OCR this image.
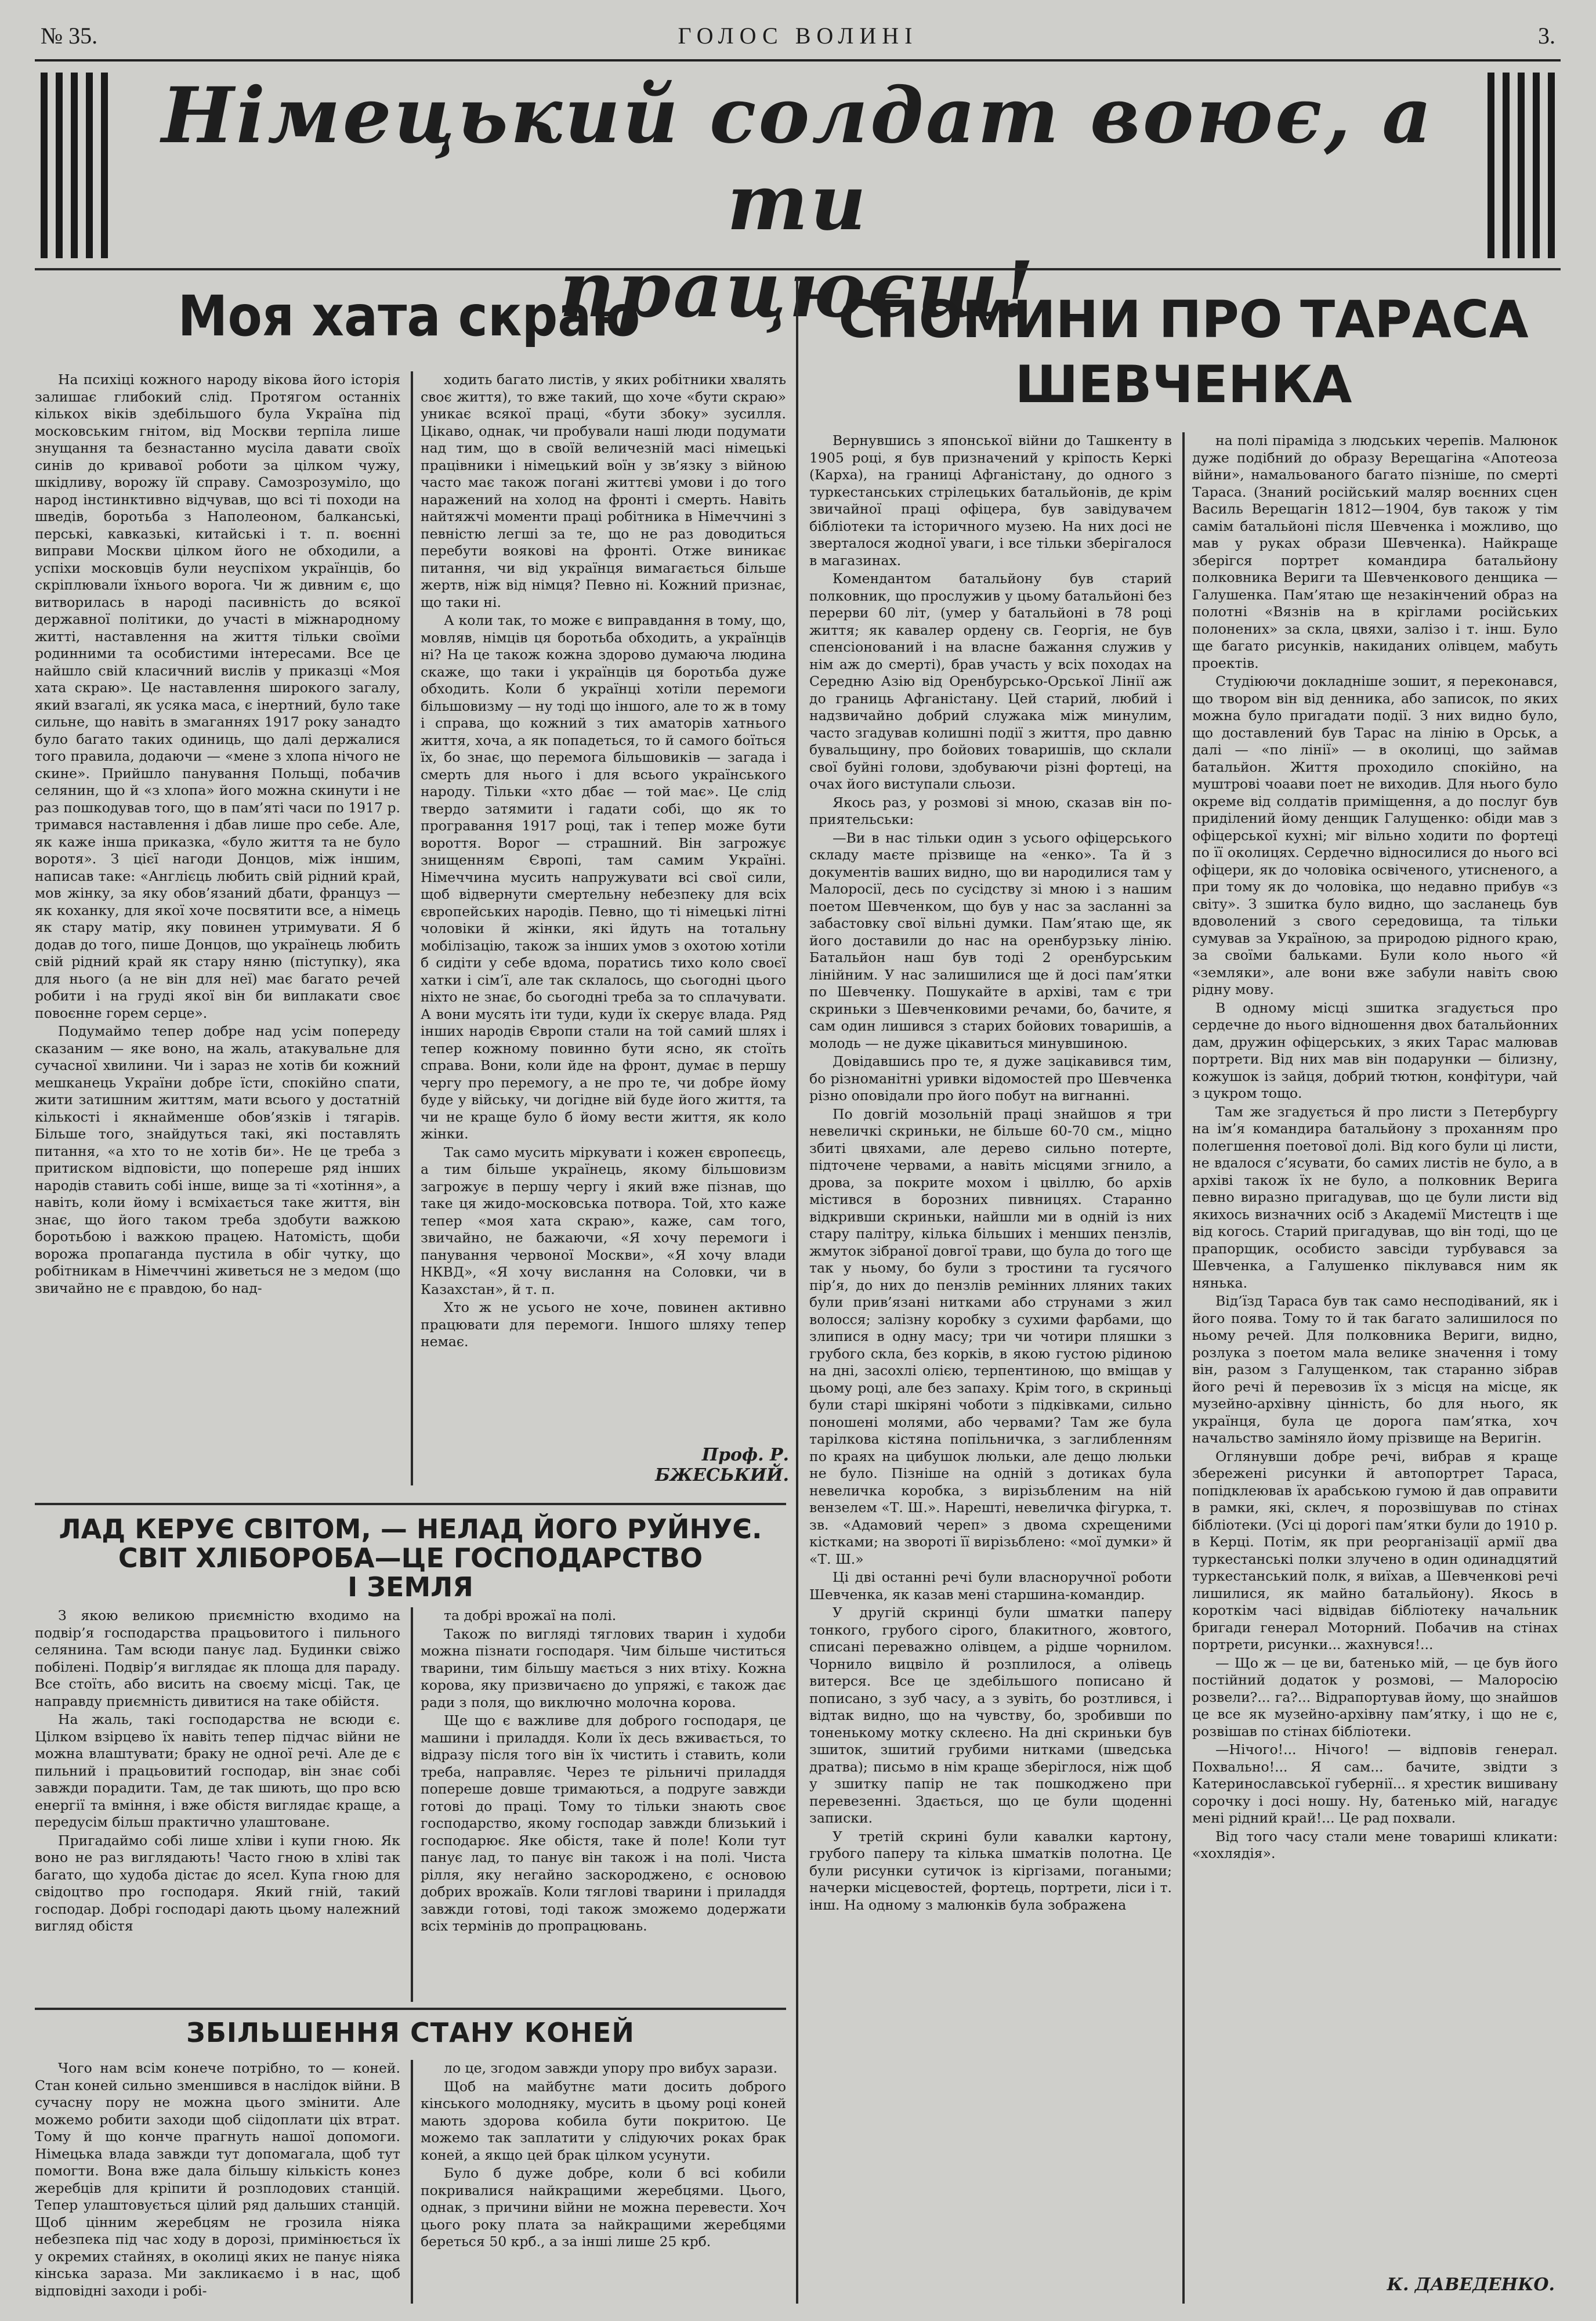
№ 35.	ГОЛОС ВОЛИНІ	3.
Німецький солдат воює, а ти
працюєш!
Моя хата скраю

На психіці кожного народу віковa його історія залишає глибокий слід. Протягом останніх кількох віків здебільшого була Україна під московським гнітом, від Москви терпіла лише знущання та безнастанно мусіла давати своїх синів до кривавої роботи за цілком чужу, шкідливу, ворожу їй справу. Самозрозуміло, що народ інстинктивно відчував, що всі ті походи на шведів, боротьба з Наполеоном, балканські, перські, кавказькі, китайські і т. п. воєнні виправи Москви цілком його не обходили, а успіхи московців були неуспіхом українців, бо скріплювали їхнього ворога. Чи ж дивним є, що витворилась в народі пасивність до всякої державної політики, до участі в міжнародному житті, наставлення на життя тільки своїми родинними та особистими інтересами. Все це найшло свій класичний вислів у приказці «Моя хата скраю». Це наставлення широкого загалу, який взагалі, як усяка маса, є інертний, було таке сильне, що навіть в змаганнях 1917 року занадто було багато таких одиниць, що далі держалися того правила, додаючи — «мене з хлопа нічого не скине». Прийшло панування Польщі, побачив селянин, що й «з хлопа» його можна скинути і не раз пошкодував того, що в пам’яті часи по 1917 р. тримався наставлення і дбав лише про себе. Але, як каже інша приказка, «було життя та не було воротя». З цієї нагоди Донцов, між іншим, написав таке: «Англієць любить свій рідний край, мов жінку, за яку обов’язаний дбати, француз — як коханку, для якої хоче посвятити все, а німець як стару матір, яку повинен утримувати. Я б додав до того, пише Донцов, що українець любить свій рідний край як стару няню (піступку), яка для нього (а не він для неї) має багато речей робити і на груді якої він би виплакати своє повоєнне горем серце».

Подумаймо тепер добре над усім попереду сказаним — яке воно, на жаль, атакувальне для сучасної хвилини. Чи і зараз не хотів би кожний мешканець України добре їсти, спокійно спати, жити затишним життям, мати всього у достатній кількості і якнайменше обов’язків і тягарів. Більше того, знайдуться такі, які поставлять питання, «а хто то не хотів би». Не це треба з притиском відповісти, що попереше ряд інших народів ставить собі інше, вище за ті «хотіння», а навіть, коли йому і всміхається таке життя, він знає, що його таком треба здобути важкою боротьбою і важкою працею. Натомість, щоби ворожа пропаганда пустила в обіг чутку, що робітникам в Німеччині живеться не з медом (що звичайно не є правдою, бо над-

ходить багато листів, у яких робітники хвалять своє життя), то вже такий, що хоче «бути скраю» уникає всякої праці, «бути збоку» зусилля. Цікаво, однак, чи пробували наші люди подумати над тим, що в своїй величезній масі німецькі працівники і німецький воїн у зв’язку з війною часто має також погані життєві умови і до того наражений на холод на фронті і смерть. Навіть найтяжчі моменти праці робітника в Німеччині з певністю легші за те, що не раз доводиться перебути воякові на фронті. Отже виникає питання, чи від українця вимагається більше жертв, ніж від німця? Певно ні. Кожний признає, що таки ні.

А коли так, то може є виправдання в тому, що, мовляв, німців ця боротьба обходить, а українців ні? На це також кожна здорово думаюча людина скаже, що таки і українців ця боротьба дуже обходить. Коли б українці хотіли перемоги більшовизму — ну тоді що іншого, але то ж в тому і справа, що кожний з тих аматорів хатнього життя, хоча, а як попадеться, то й самого боїться їх, бо знає, що перемога більшовиків — загада і смерть для нього і для всього українського народу. Тільки «хто дбає — той має». Це слід твердо затямити і гадати собі, що як то програвання 1917 році, так і тепер може бути вороття. Ворог — страшний. Він загрожує знищенням Європі, там самим Україні. Німеччина мусить напружувати всі свої сили, щоб відвернути смертельну небезпеку для всіх європейських народів. Певно, що ті німецькі літні чоловіки й жінки, які йдуть на тотальну мобілізацію, також за інших умов з охотою хотіли б сидіти у себе вдома, поратись тихо коло своєї хатки і сім’ї, але так склалось, що сьогодні цього ніхто не знає, бо сьогодні треба за то сплачувати. А вони мусять іти туди, куди їх скерує влада. Ряд інших народів Європи стали на той самий шлях і тепер кожному повинно бути ясно, як стоїть справа. Вони, коли йде на фронт, думає в першу чергу про перемогу, а не про те, чи добре йому буде у війську, чи догідне вій буде його життя, та чи не краще було б йому вести життя, як коло жінки.

Так само мусить міркувати і кожен європеєць, а тим більше українець, якому більшовизм загрожує в першу чергу і який вже пізнав, що таке ця жидо-московська потвора. Той, хто каже тепер «моя хата скраю», каже, сам того, звичайно, не бажаючи, «Я хочу перемоги і панування червоної Москви», «Я хочу влади НКВД», «Я хочу вислання на Соловки, чи в Казахстан», й т. п.

Хто ж не усього не хоче, повинен активно працювати для перемоги. Іншого шляху тепер немає.

Проф. Р. БЖЕСЬКИЙ.
ЛАД КЕРУЄ СВІТОМ, — НЕЛАД ЙОГО РУЙНУЄ.
СВІТ ХЛІБОРОБА—ЦЕ ГОСПОДАРСТВО
І ЗЕМЛЯ

З якою великою приємністю входимо на подвір’я господарства працьовитого і пильного селянина. Там всюди панує лад. Будинки свіжо побілені. Подвір’я виглядає як площа для параду. Все стоїть, або висить на своєму місці. Так, це направду приємність дивитися на таке обійстя.

На жаль, такі господарства не всюди є. Цілком взірцево їх навіть тепер підчас війни не можна влаштувати; браку не одної речі. Але де є пильний і працьовитий господар, він знає собі завжди порадити. Там, де так шиють, що про всю енергії та вміння, і вже обістя виглядає краще, а передусім більш практично улаштоване.

Пригадаймо собі лише хліви і купи гною. Як воно не раз виглядають! Часто гною в хліві так багато, що худоба дістає до ясел. Купа гною для свідоцтво про господаря. Який гній, такий господар. Добрі господарі дають цьому належний вигляд обістя

та добрі врожаї на полі.

Також по вигляді тяглових тварин і худоби можна пізнати господаря. Чим більше чиститься тварини, тим більшу мається з них втіху. Кожна корова, яку призвичаєно до упряжі, є також дає ради з поля, що виключно молочна корова.

Ще що є важливе для доброго господаря, це машини і приладдя. Коли їх десь вживається, то відразу після того він їх чистить і ставить, коли треба, направляє. Через те рільничі приладдя попереше довше тримаються, а подруге завжди готові до праці. Тому то тільки знають своє господарство, якому господар завжди близький і господарює. Яке обістя, таке й поле! Коли тут панує лад, то панує він також і на полі. Чиста рілля, яку негайно заскороджено, є основою добрих врожаїв. Коли тяглові тварини і приладдя завжди готові, тоді також зможемо додержати всіх термінів до пропрацювань.

ЗБІЛЬШЕННЯ СТАНУ КОНЕЙ

Чого нам всім конече потрібно, то — коней. Стан коней сильно зменшився в наслідок війни. В сучасну пору не можна цього змінити. Але можемо робити заходи щоб сіідоплати ціх втрат. Тому й що конче прагнуть нашої допомоги. Німецька влада завжди тут допомагала, щоб тут помогти. Вона вже дала більшу кількість конез жеребців для кріпити й розплодових станцій. Тепер улаштовується цілий ряд дальших станцій. Щоб цінним жеребцям не грозила ніяка небезпека під час ходу в дорозі, примінюється їх у окремих стайнях, в околиці яких не панує ніяка кінська зараза. Ми закликаємо і в нас, щоб відповідні заходи і робі-

ло це, згодом завжди упору про вибух зарази.

Щоб на майбутнє мати досить доброго кінського молодняку, мусить в цьому році коней мають здорова кобила бути покритою. Це можемо так заплатити у слідуючих роках брак коней, а якщо цей брак цілком усунути.

Було б дуже добре, коли б всі кобили покривалися найкращими жеребцями. Цього, однак, з причини війни не можна перевести. Хоч цього року плата за найкращими жеребцями береться 50 крб., а за інші лише 25 крб.

СПОМИНИ ПРО ТАРАСА
ШЕВЧЕНКА

Вернувшись з японської війни до Ташкенту в 1905 році, я був призначений у кріпость Керкі (Карха), на границі Афганістану, до одного з туркестанських стрілецьких батальйонів, де крім звичайної праці офіцера, був завідувачем бібліотеки та історичного музею. На них досі не зверталося жодної уваги, і все тільки зберігалося в магазинах.

Комендантом батальйону був старий полковник, що прослужив у цьому батальйоні без перерви 60 літ, (умер у батальйоні в 78 році життя; як кавалер ордену св. Георгія, не був спенсіонований і на власне бажання служив у нім аж до смерті), брав участь у всіх походах на Середню Азію від Оренбурсько-Орської Лінії аж до границь Афганістану. Цей старий, любий і надзвичайно добрий служака між минулим, часто згадував колишні події з життя, про давню бувальщину, про бойових товаришів, що склали свої буйні голови, здобуваючи різні фортеці, на очах його виступали сльози.

Якось раз, у розмові зі мною, сказав він по-приятельськи:

—Ви в нас тільки один з усього офіцерського складу маєте прізвище на «енко». Та й з документів ваших видно, що ви народилися там у Малоросії, десь по сусідству зі мною і з нашим поетом Шевченком, що був у нас за засланні за забастовку свої вільні думки. Пам’ятаю ще, як його доставили до нас на оренбурзьку лінію. Батальйон наш був тоді 2 оренбурським лінійним. У нас залишилися ще й досі пам’ятки по Шевченку. Пошукайте в архіві, там є три скриньки з Шевченковими речами, бо, бачите, я сам один лишився з старих бойових товаришів, а молодь — не дуже цікавиться минувшиною.

Довідавшись про те, я дуже зацікавився тим, бо різноманітні уривки відомостей про Шевченка різно оповідали про його побут на вигнанні.

По довгій мозольній праці знайшов я три невеличкі скриньки, не більше 60-70 см., міцно збиті цвяхами, але дерево сильно потерте, підточене червами, а навіть місцями згнило, а дрова, за покрите мохом і цвіллю, бо архів містився в борозних пивницях. Старанно відкривши скриньки, найшли ми в одній із них стару палітру, кілька більших і менших пензлів, жмуток зібраної довгої трави, що була до того ще так у ньому, бо були з тростини та гусячого пір’я, до них до пензлів ремінних лляних таких були прив’язані нитками або струнами з жил волосся; залізну коробку з сухими фарбами, що злипися в одну масу; три чи чотири пляшки з грубого скла, без корків, в якою густою рідиною на дні, засохлі олією, терпентиною, що вміщав у цьому році, але без запаху. Крім того, в скриньці були старі шкіряні чоботи з підківками, сильно поношені молями, або червами? Там же була тарілкова кістяна попільничка, з заглибленням по краях на цибушок люльки, але дещо люльки не було. Пізніше на одній з дотиках була невеличка коробка, з вирізьбленим на ній вензелем «Т. Ш.». Нарешті, невеличка фігурка, т. зв. «Адамовий череп» з двома схрещеними кістками; на звороті її вирізьблено: «мої думки» й «Т. Ш.»

Ці дві останні речі були власноручної роботи Шевченка, як казав мені старшина-командир.

У другій скринці були шматки паперу тонкого, грубого сірого, блакитного, жовтого, списані переважно олівцем, а рідше чорнилом. Чорнило вицвіло й розплилося, а олівець витерся. Все це здебільшого пописано й пописано, з зуб часу, а з зувіть, бо розтлився, і відтак видно, що на чувству, бо, зробивши по тоненькому мотку склеєно. На дні скриньки був зшиток, зшитий грубими нитками (шведська дратва); письмо в нім краще зберіглося, ніж щоб у зшитку папір не так пошкоджено при перевезенні. Здається, що це були щоденні записки.

У третій скрині були кавалки картону, грубого паперу та кілька шматків полотна. Це були рисунки сутичок із кіргізами, погаными; начерки місцевостей, фортець, портрети, ліси і т. інш. На одному з малюнків була зображена

на полі піраміда з людських черепів. Малюнок дуже подібний до образу Верещагіна «Апотеоза війни», намальованого багато пізніше, по смерті Тараса. (Знаний російський маляр воєнних сцен Василь Верещагін 1812—1904, був також у тім самім батальйоні після Шевченка і можливо, що мав у руках образи Шевченка). Найкраще зберігся портрет командира батальйону полковника Вериги та Шевченкового денщика — Галушенка. Пам’ятаю ще незакінчений образ на полотні «Вязнів на в кріглами російських полонених» за скла, цвяхи, залізо і т. інш. Було ще багато рисунків, накиданих олівцем, мабуть проектів.

Студіюючи докладніше зошит, я переконався, що твором він від денника, або записок, по яких можна було пригадати події. З них видно було, що доставлений був Тарас на лінію в Орськ, а далі — «по лінії» — в околиці, що займав батальйон. Життя проходило спокійно, на муштрові чоаави поет не виходив. Для нього було окреме від солдатів приміщення, а до послуг був приділений йому денщик Галущенко: обіди мав з офіцерської кухні; міг вільно ходити по фортеці по її околицях. Сердечно відносилися до нього всі офіцери, як до чоловіка освіченого, утисненого, а при тому як до чоловіка, що недавно прибув «з світу». З зшитка було видно, що засланець був вдоволений з свого середовища, та тільки сумував за Україною, за природою рідного краю, за своїми бальками. Були коло нього «й «земляки», але вони вже забули навіть свою рідну мову.

В одному місці зшитка згадується про сердечне до нього відношення двох батальйонних дам, дружин офіцерських, з яких Тарас малював портрети. Від них мав він подарунки — білизну, кожушок із зайця, добрий тютюн, конфітури, чай з цукром тощо.

Там же згадується й про листи з Петербургу на ім’я командира батальйону з проханням про полегшення поетової долі. Від кого були ці листи, не вдалося с’ясувати, бо самих листів не було, а в архіві також їх не було, а полковник Верига певнo виразно пригадував, що це були листи від якихось визначних осіб з Академії Мистецтв і ще від когось. Старий пригадував, що він тоді, що це прапорщик, особисто завсіди турбувався за Шевченка, а Галушенко піклувався ним як нянька.

Від’їзд Тараса був так само несподіваний, як і його поява. Тому то й так багато залишилося по ньому речей. Для полковника Вериги, видно, розлука з поетом мала велике значення і тому він, разом з Галущенком, так старанно зібрав його речі й перевозив їх з місця на місце, як музейно-архівну цінність, бо для нього, як українця, була це дорога пам’ятка, хоч начальство заміняло йому прізвище на Веригін.

Оглянувши добре речі, вибрав я краще збережені рисунки й автопортрет Тараса, попідклеював їх арабською гумою й дав оправити в рамки, які, склеч, я порозвішував по стінах бібліотеки. (Усі ці дорогі пам’ятки були до 1910 р. в Керці. Потім, як при реорганізації армії два туркестанські полки злучено в один одинадцятий туркестанський полк, я виїхав, а Шевченкові речі лишилися, як майно батальйону). Якось в короткім часі відвідав бібліотеку начальник бригади генерал Моторний. Побачив на стінах портрети, рисунки... жахнувся!...

— Що ж — це ви, батенько мій, — це був його постійний додаток у розмові, — Малоросію розвели?... га?... Відрапортував йому, що знайшов це все як музейно-архівну пам’ятку, і що не є, розвішав по стінах бібліотеки.

—Нічого!... Нічого! — відповів генерал. Похвально!... Я сам... бачите, звідти з Катеринославської губернії... я хрестик вишивану сорочку і досі ношу. Ну, батенько мій, нагадує мені рідний край!... Це рад похвали.

Від того часу стали мене товариші кликати: «хохлядія».

К. ДАВЕДЕНКО.
